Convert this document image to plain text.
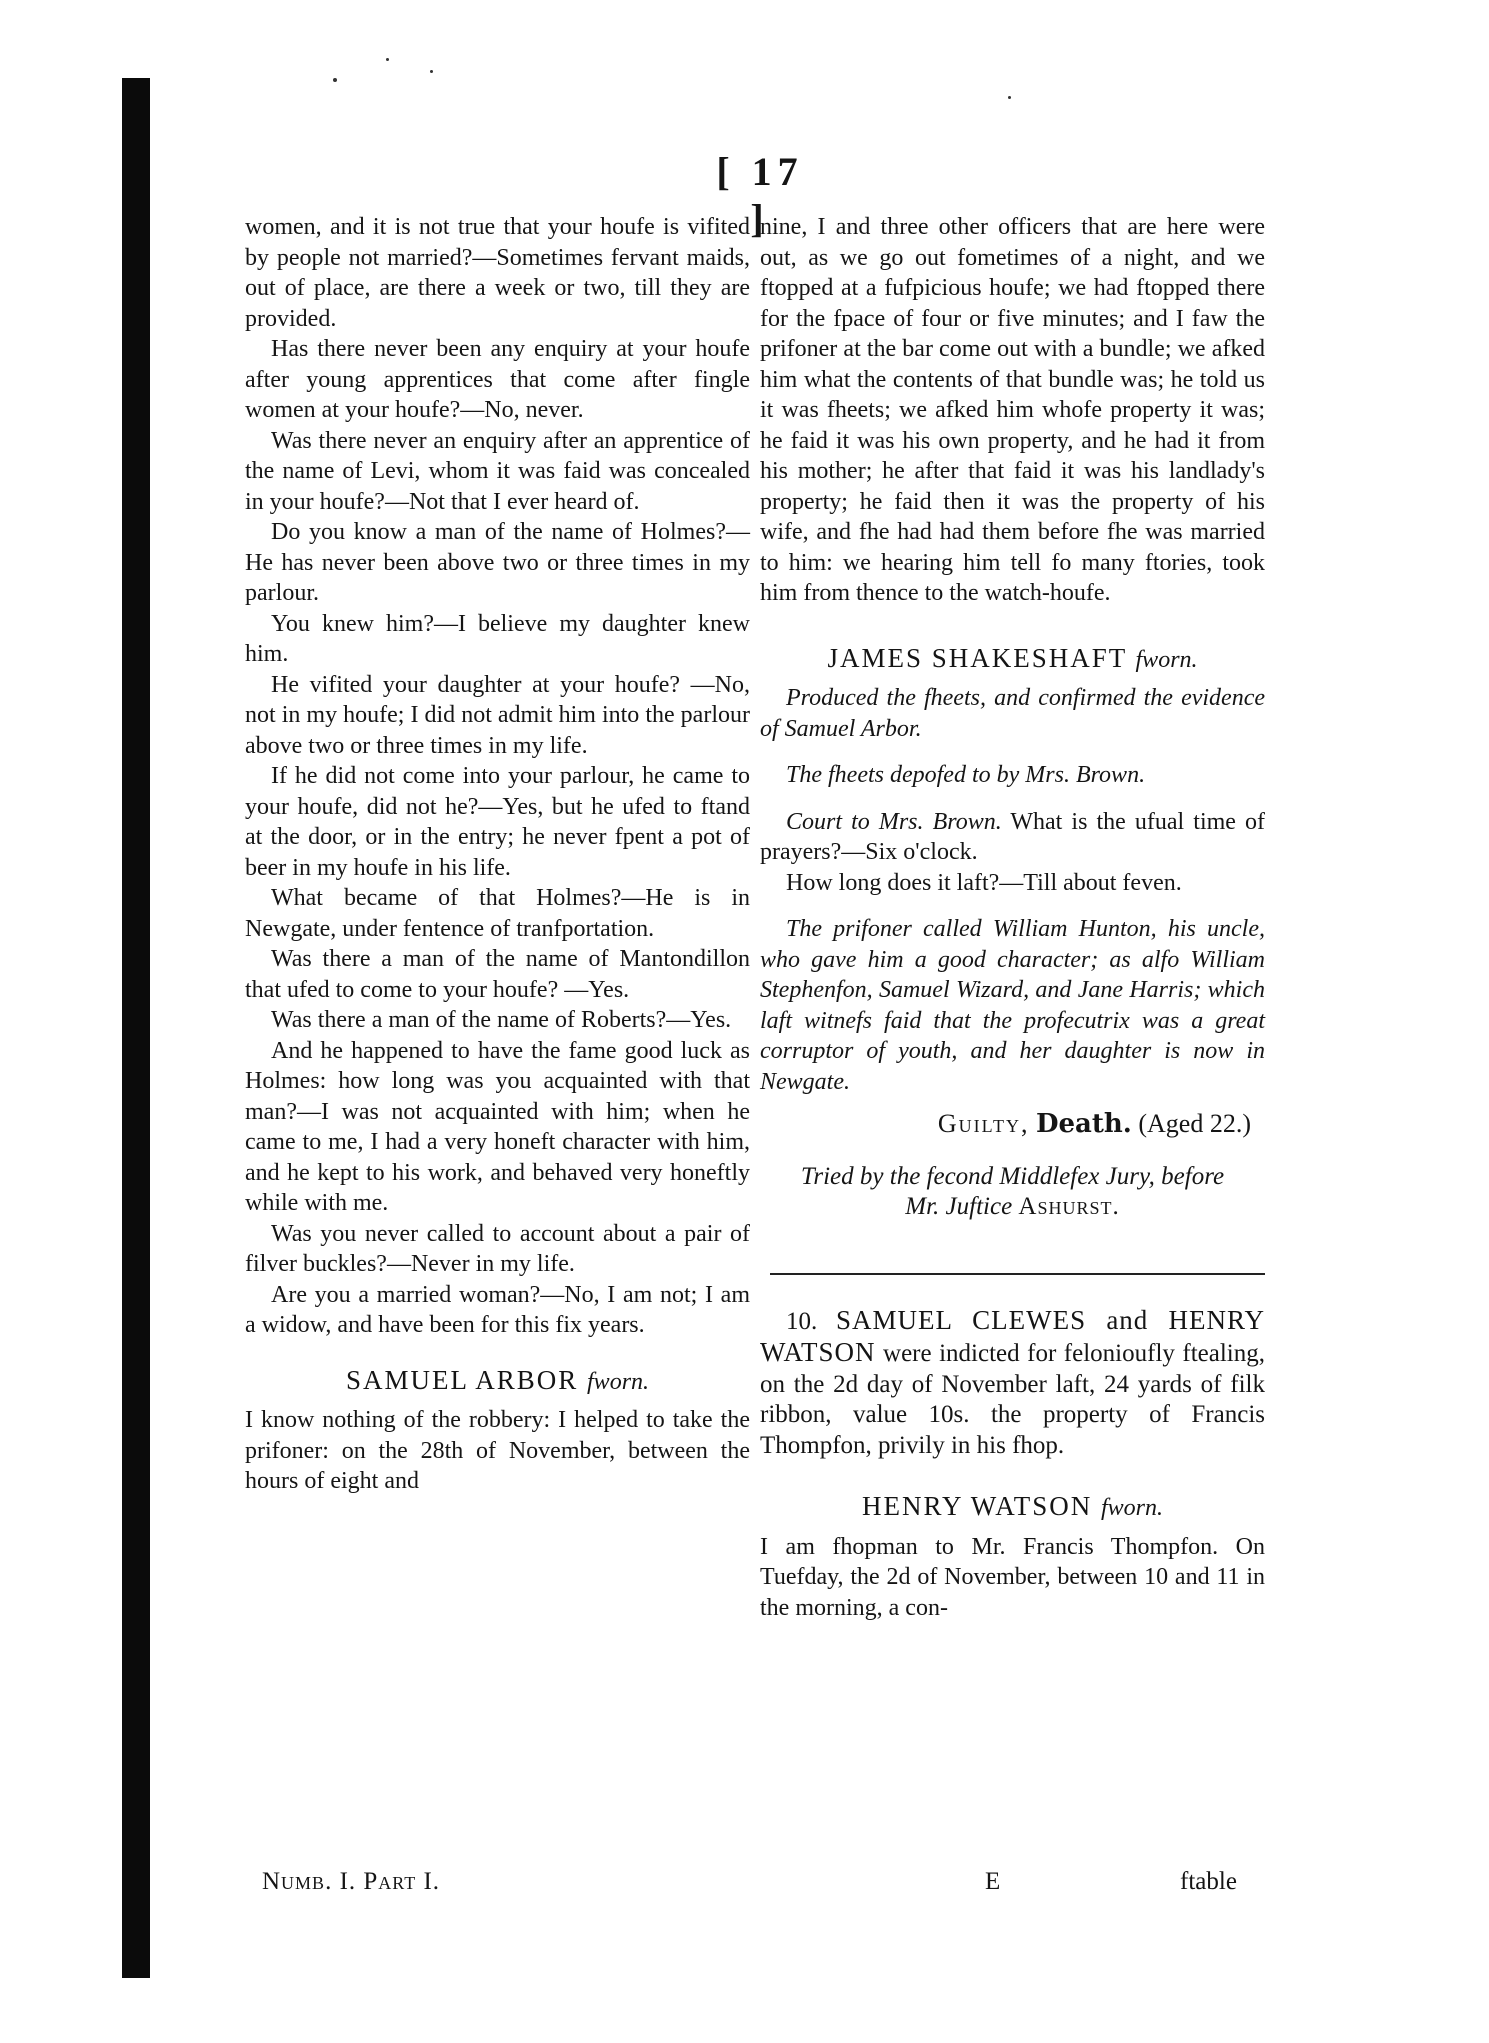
[ 17 ]

women, and it is not true that your houfe is vifited by people not married?—Sometimes fervant maids, out of place, are there a week or two, till they are provided.

Has there never been any enquiry at your houfe after young apprentices that come after fingle women at your houfe?—No, never.

Was there never an enquiry after an apprentice of the name of Levi, whom it was faid was concealed in your houfe?—Not that I ever heard of.

Do you know a man of the name of Holmes?—He has never been above two or three times in my parlour.

You knew him?—I believe my daughter knew him.

He vifited your daughter at your houfe? —No, not in my houfe; I did not admit him into the parlour above two or three times in my life.

If he did not come into your parlour, he came to your houfe, did not he?—Yes, but he ufed to ftand at the door, or in the entry; he never fpent a pot of beer in my houfe in his life.

What became of that Holmes?—He is in Newgate, under fentence of tranfportation.

Was there a man of the name of Mantondillon that ufed to come to your houfe? —Yes.

Was there a man of the name of Roberts?—Yes.

And he happened to have the fame good luck as Holmes: how long was you acquainted with that man?—I was not acquainted with him; when he came to me, I had a very honeft character with him, and he kept to his work, and behaved very honeftly while with me.

Was you never called to account about a pair of filver buckles?—Never in my life.

Are you a married woman?—No, I am not; I am a widow, and have been for this fix years.

SAMUEL ARBOR fworn.

I know nothing of the robbery: I helped to take the prifoner: on the 28th of November, between the hours of eight and

nine, I and three other officers that are here were out, as we go out fometimes of a night, and we ftopped at a fufpicious houfe; we had ftopped there for the fpace of four or five minutes; and I faw the prifoner at the bar come out with a bundle; we afked him what the contents of that bundle was; he told us it was fheets; we afked him whofe property it was; he faid it was his own property, and he had it from his mother; he after that faid it was his landlady's property; he faid then it was the property of his wife, and fhe had had them before fhe was married to him: we hearing him tell fo many ftories, took him from thence to the watch-houfe.

JAMES SHAKESHAFT fworn.

Produced the fheets, and confirmed the evidence of Samuel Arbor.

The fheets depofed to by Mrs. Brown.

Court to Mrs. Brown. What is the ufual time of prayers?—Six o'clock.

How long does it laft?—Till about feven.

The prifoner called William Hunton, his uncle, who gave him a good character; as alfo William Stephenfon, Samuel Wizard, and Jane Harris; which laft witnefs faid that the profecutrix was a great corruptor of youth, and her daughter is now in Newgate.

Guilty, Death. (Aged 22.)
Tried by the fecond Middlefex Jury, before
Mr. Juftice Ashurst.

10. SAMUEL CLEWES and HENRY WATSON were indicted for felonioufly ftealing, on the 2d day of November laft, 24 yards of filk ribbon, value 10s. the property of Francis Thompfon, privily in his fhop.

HENRY WATSON fworn.

I am fhopman to Mr. Francis Thompfon. On Tuefday, the 2d of November, between 10 and 11 in the morning, a con-

Numb. I. Part I.	E	ftable
